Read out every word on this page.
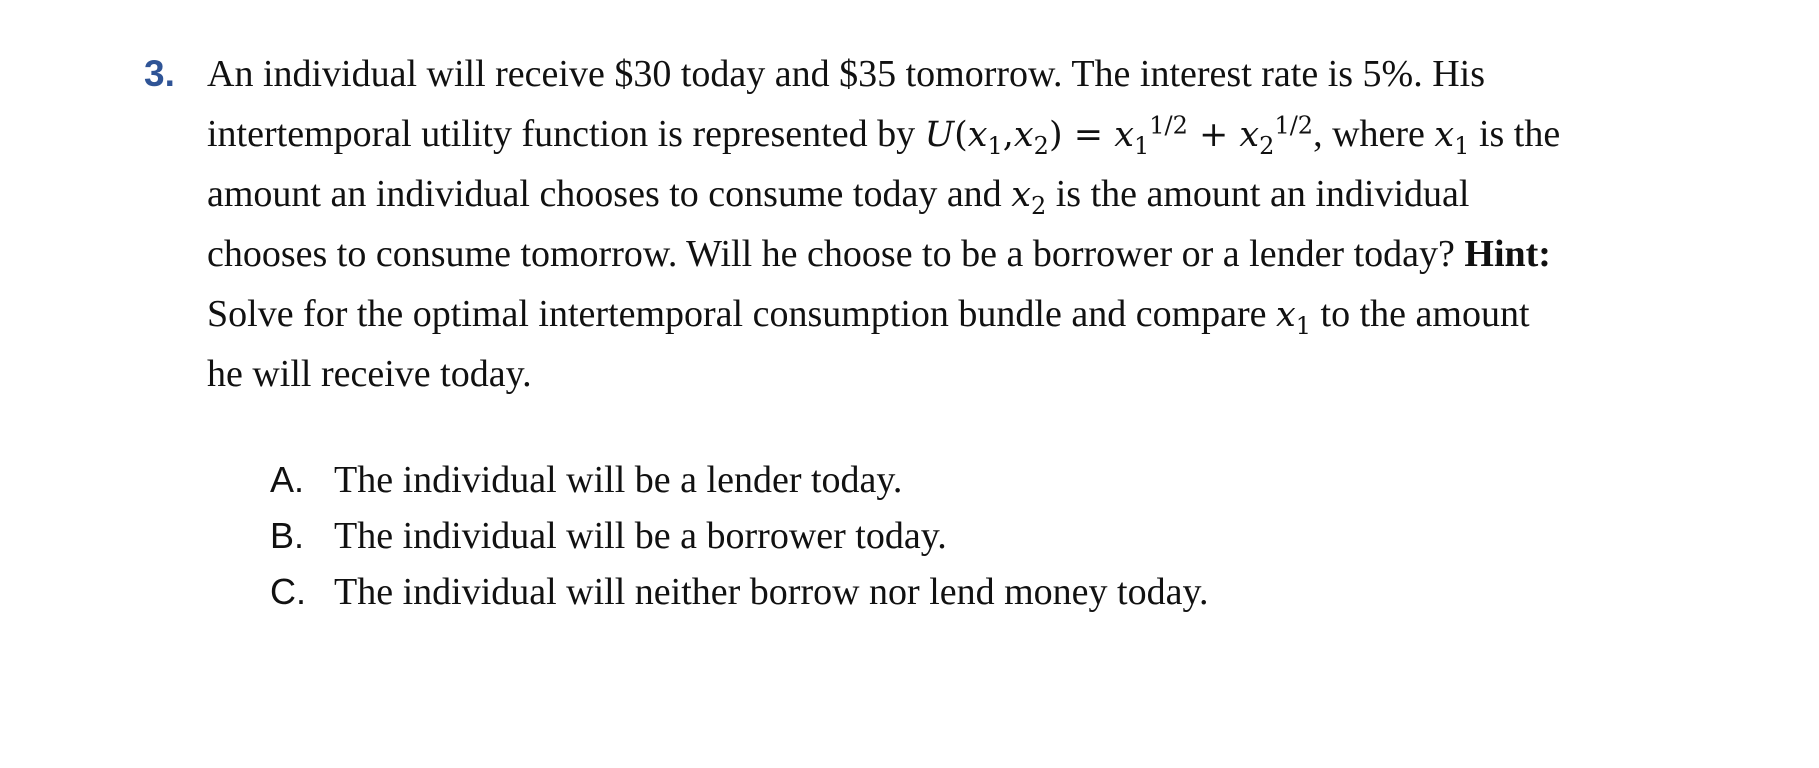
3. An individual will receive $30 today and $35 tomorrow. The interest rate is 5%. His
intertemporal utility function is represented by $U(x_1,x_2) = x_1^{1/2} + x_2^{1/2}$, where $x_1$ is the
amount an individual chooses to consume today and $x_2$ is the amount an individual
chooses to consume tomorrow. Will he choose to be a borrower or a lender today? Hint:
Solve for the optimal intertemporal consumption bundle and compare $x_1$ to the amount
he will receive today.
A. The individual will be a lender today.
B. The individual will be a borrower today.
C. The individual will neither borrow nor lend money today.
